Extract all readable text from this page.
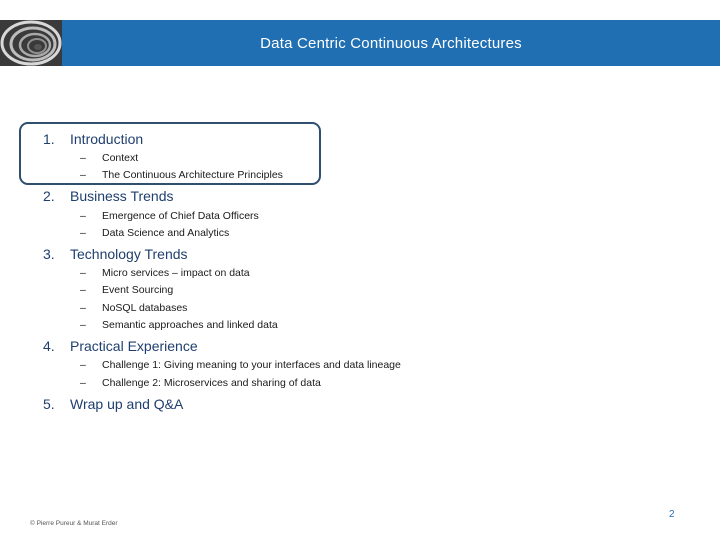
Data Centric Continuous Architectures
1. Introduction
– Context
– The Continuous Architecture Principles
2. Business Trends
– Emergence of Chief Data Officers
– Data Science and Analytics
3. Technology Trends
– Micro services – impact on data
– Event Sourcing
– NoSQL databases
– Semantic approaches and linked data
4. Practical Experience
– Challenge 1: Giving meaning to your interfaces and data lineage
– Challenge 2: Microservices and sharing of data
5. Wrap up and Q&A
© Pierre Pureur & Murat Erder
2
